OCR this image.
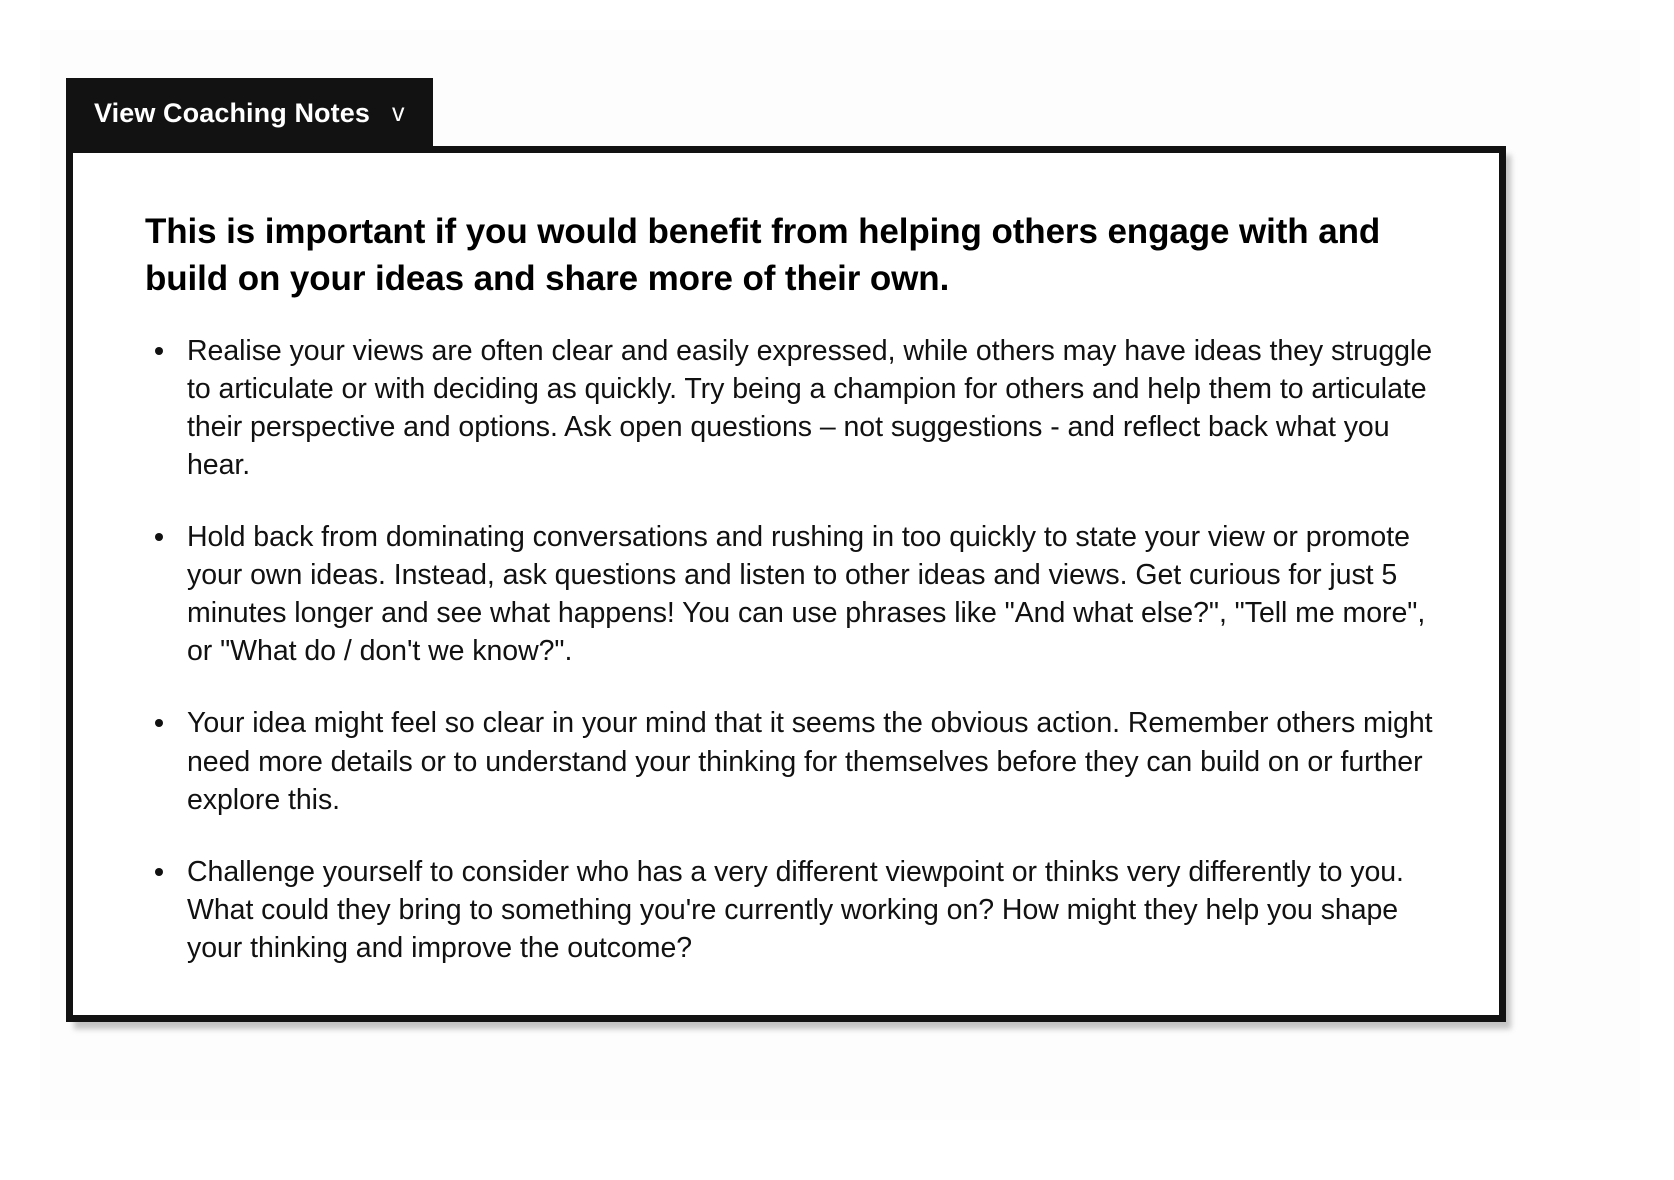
View Coaching Notes v
This is important if you would benefit from helping others engage with and build on your ideas and share more of their own.
Realise your views are often clear and easily expressed, while others may have ideas they struggle to articulate or with deciding as quickly. Try being a champion for others and help them to articulate their perspective and options. Ask open questions – not suggestions - and reflect back what you hear.
Hold back from dominating conversations and rushing in too quickly to state your view or promote your own ideas. Instead, ask questions and listen to other ideas and views. Get curious for just 5 minutes longer and see what happens! You can use phrases like "And what else?", "Tell me more", or "What do / don't we know?".
Your idea might feel so clear in your mind that it seems the obvious action. Remember others might need more details or to understand your thinking for themselves before they can build on or further explore this.
Challenge yourself to consider who has a very different viewpoint or thinks very differently to you. What could they bring to something you're currently working on? How might they help you shape your thinking and improve the outcome?
